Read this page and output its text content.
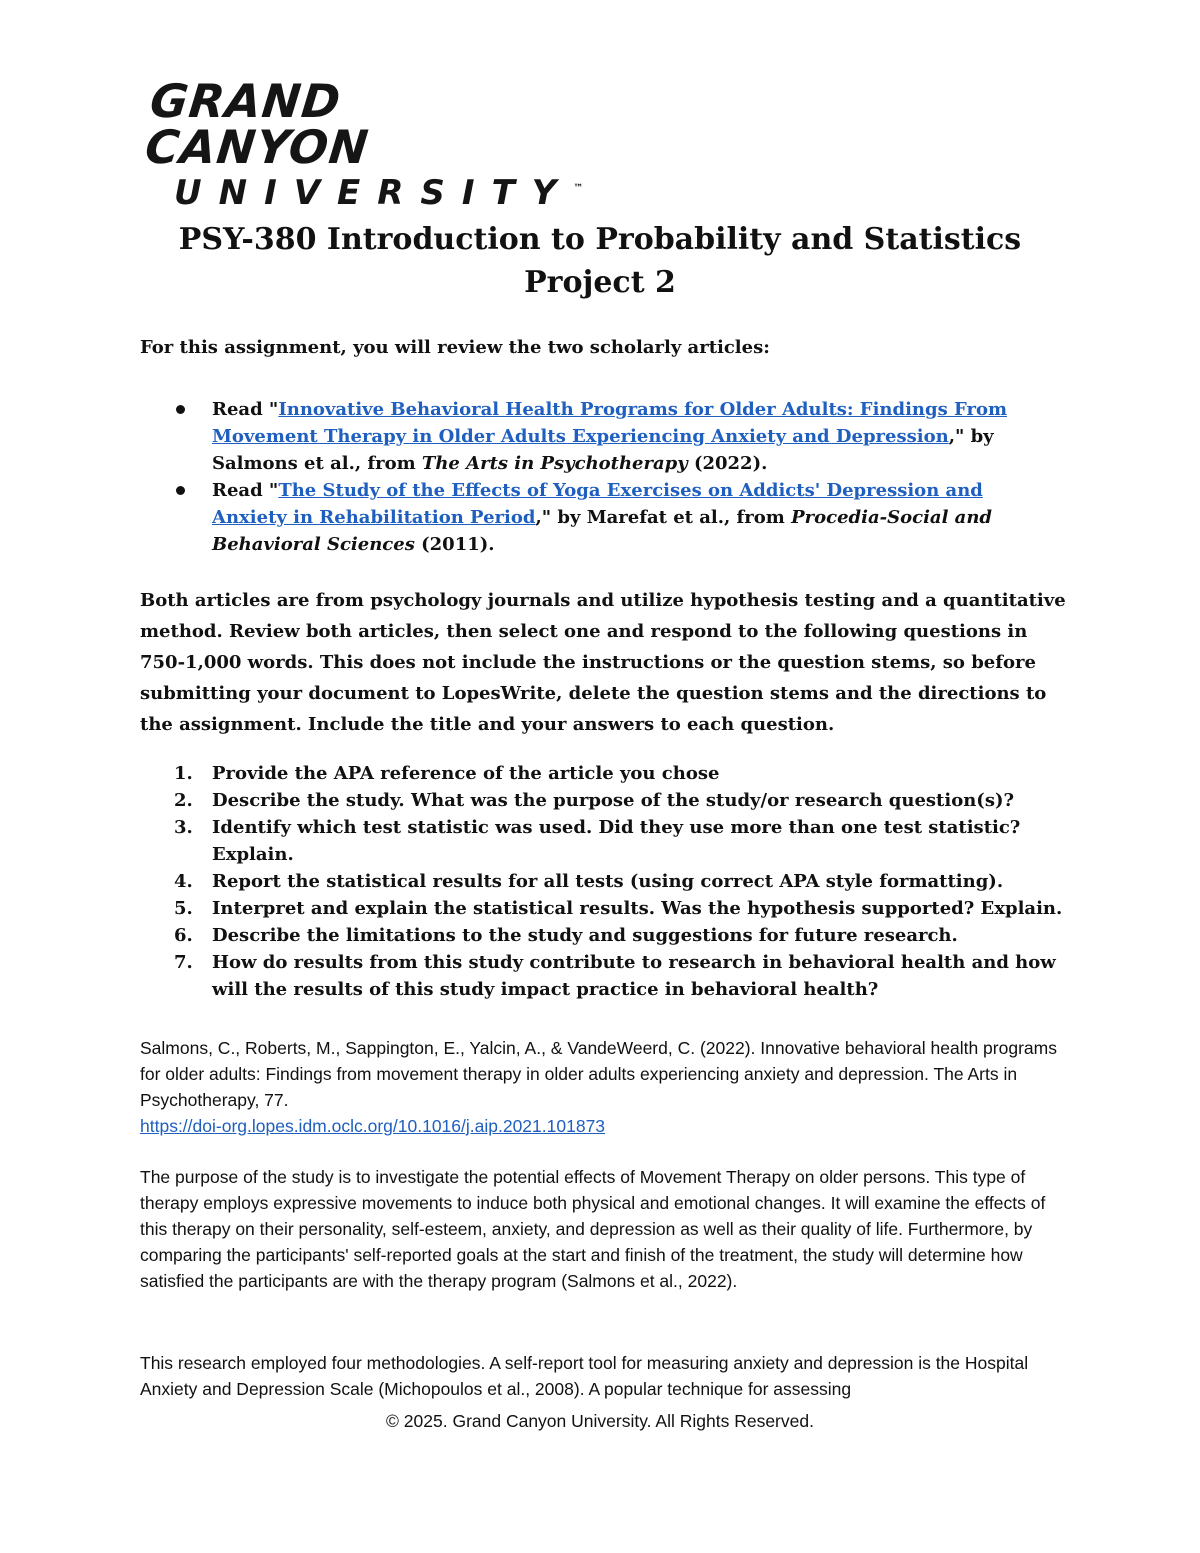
GRAND CANYON
UNIVERSITY™
PSY-380 Introduction to Probability and Statistics
Project 2
For this assignment, you will review the two scholarly articles:
Read "Innovative Behavioral Health Programs for Older Adults: Findings From Movement Therapy in Older Adults Experiencing Anxiety and Depression," by Salmons et al., from The Arts in Psychotherapy (2022).
Read "The Study of the Effects of Yoga Exercises on Addicts' Depression and Anxiety in Rehabilitation Period," by Marefat et al., from Procedia-Social and Behavioral Sciences (2011).
Both articles are from psychology journals and utilize hypothesis testing and a quantitative method. Review both articles, then select one and respond to the following questions in 750-1,000 words. This does not include the instructions or the question stems, so before submitting your document to LopesWrite, delete the question stems and the directions to the assignment. Include the title and your answers to each question.
1. Provide the APA reference of the article you chose
2. Describe the study. What was the purpose of the study/or research question(s)?
3. Identify which test statistic was used. Did they use more than one test statistic? Explain.
4. Report the statistical results for all tests (using correct APA style formatting).
5. Interpret and explain the statistical results. Was the hypothesis supported? Explain.
6. Describe the limitations to the study and suggestions for future research.
7. How do results from this study contribute to research in behavioral health and how will the results of this study impact practice in behavioral health?
Salmons, C., Roberts, M., Sappington, E., Yalcin, A., & VandeWeerd, C. (2022). Innovative behavioral health programs for older adults: Findings from movement therapy in older adults experiencing anxiety and depression. The Arts in Psychotherapy, 77.
https://doi-org.lopes.idm.oclc.org/10.1016/j.aip.2021.101873
The purpose of the study is to investigate the potential effects of Movement Therapy on older persons. This type of therapy employs expressive movements to induce both physical and emotional changes. It will examine the effects of this therapy on their personality, self-esteem, anxiety, and depression as well as their quality of life. Furthermore, by comparing the participants' self-reported goals at the start and finish of the treatment, the study will determine how satisfied the participants are with the therapy program (Salmons et al., 2022).
This research employed four methodologies. A self-report tool for measuring anxiety and depression is the Hospital Anxiety and Depression Scale (Michopoulos et al., 2008). A popular technique for assessing
© 2025. Grand Canyon University. All Rights Reserved.
